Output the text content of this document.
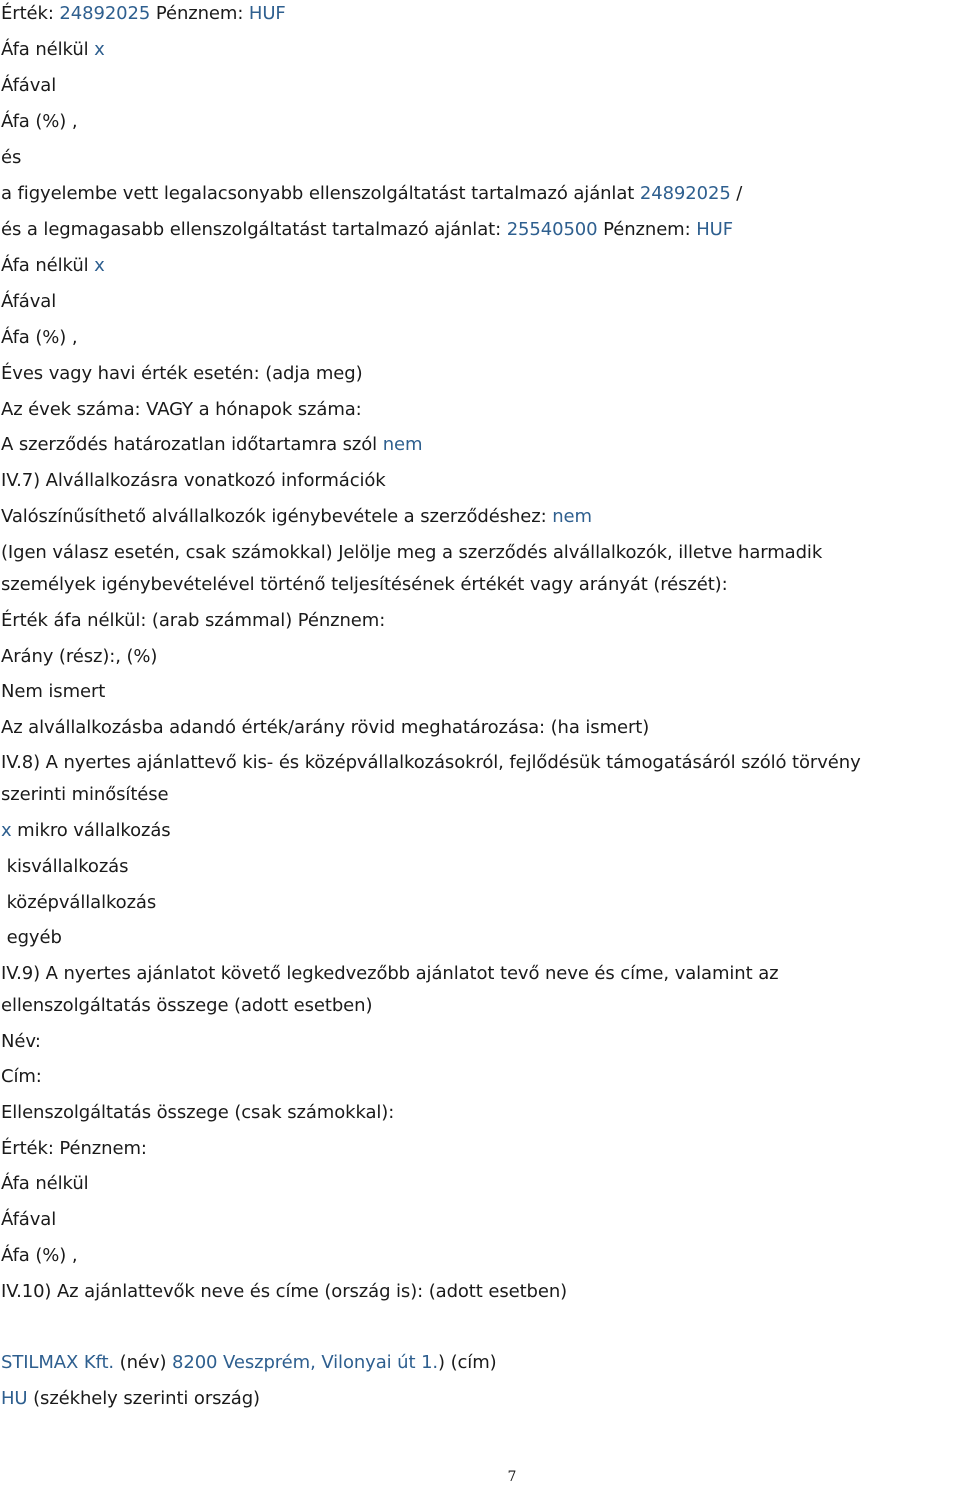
Érték: 24892025 Pénznem: HUF
Áfa nélkül x
Áfával
Áfa (%) ,
és
a figyelembe vett legalacsonyabb ellenszolgáltatást tartalmazó ajánlat 24892025 /
és a legmagasabb ellenszolgáltatást tartalmazó ajánlat: 25540500 Pénznem: HUF
Áfa nélkül x
Áfával
Áfa (%) ,
Éves vagy havi érték esetén: (adja meg)
Az évek száma: VAGY a hónapok száma:
A szerződés határozatlan időtartamra szól nem
IV.7) Alvállalkozásra vonatkozó információk
Valószínűsíthető alvállalkozók igénybevétele a szerződéshez: nem
(Igen válasz esetén, csak számokkal) Jelölje meg a szerződés alvállalkozók, illetve harmadik
személyek igénybevételével történő teljesítésének értékét vagy arányát (részét):
Érték áfa nélkül: (arab számmal) Pénznem:
Arány (rész):, (%)
Nem ismert
Az alvállalkozásba adandó érték/arány rövid meghatározása: (ha ismert)
IV.8) A nyertes ajánlattevő kis- és középvállalkozásokról, fejlődésük támogatásáról szóló törvény
szerinti minősítése
x mikro vállalkozás
kisvállalkozás
középvállalkozás
egyéb
IV.9) A nyertes ajánlatot követő legkedvezőbb ajánlatot tevő neve és címe, valamint az
ellenszolgáltatás összege (adott esetben)
Név:
Cím:
Ellenszolgáltatás összege (csak számokkal):
Érték: Pénznem:
Áfa nélkül
Áfával
Áfa (%) ,
IV.10) Az ajánlattevők neve és címe (ország is): (adott esetben)
STILMAX Kft. (név) 8200 Veszprém, Vilonyai út 1.) (cím)
HU (székhely szerinti ország)
7
